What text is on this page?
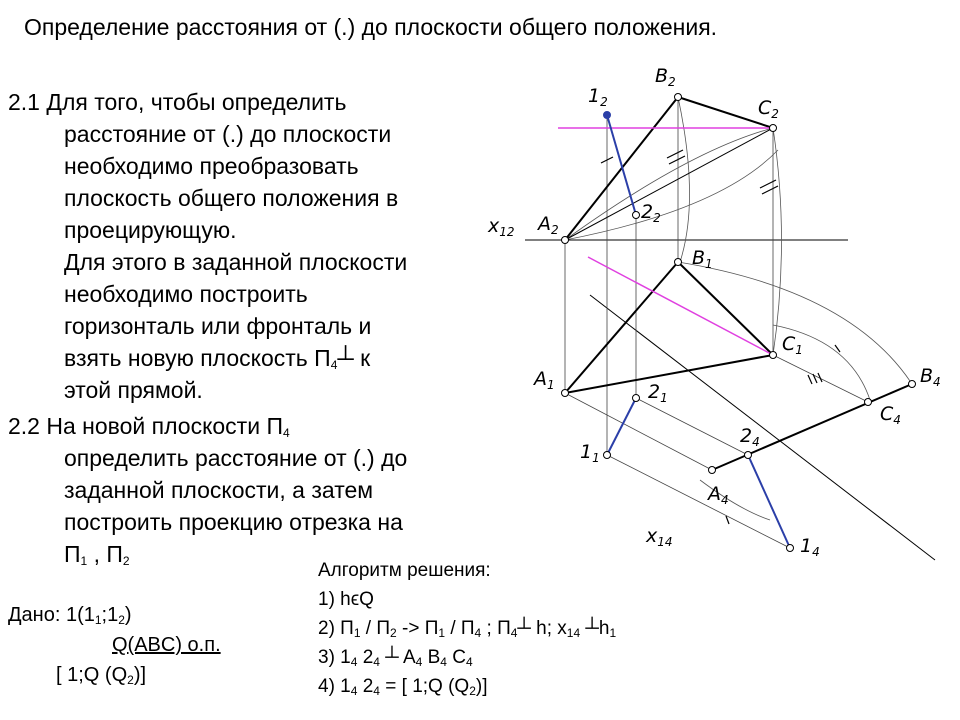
Определение расстояния от (.) до плоскости общего положения.
2.1 Для того, чтобы определить
расстояние от (.) до плоскости
необходимо преобразовать
плоскость общего положения в
проецирующую.
Для этого в заданной плоскости
необходимо построить
горизонталь или фронталь и
взять новую плоскость $П_4┴$ к
этой прямой.
2.2 На новой плоскости $П_4$
определить расстояние от (.) до
заданной плоскости, а затем
построить проекцию отрезка на
$П_1$ , $П_2$
Дано: $1(1_1;1_2)$
Q(ABC) о.п.
[ 1;Q $(Q_2)$]
Алгоритм решения:
1) hϵQ
2) $П_1 / П_2 -> П_1 / П_4$ ; $П_4┴$ h; $x_{14}$ $┴h_1$
3) $1_4$ $2_4$ ┴ $A_4$ $B_4$ $C_4$
4) $1_4$ $2_4$ = [ 1;Q $(Q_2)$]
$B_2$
$C_2$
$A_2$
$1_2$
$2_2$
$x_{12}$
$B_1$
$C_1$
$A_1$	$2_1$
$1_1$
$B_4$
$C_4$
$A_4$
$2_4$
$1_4$
$x_{14}$
